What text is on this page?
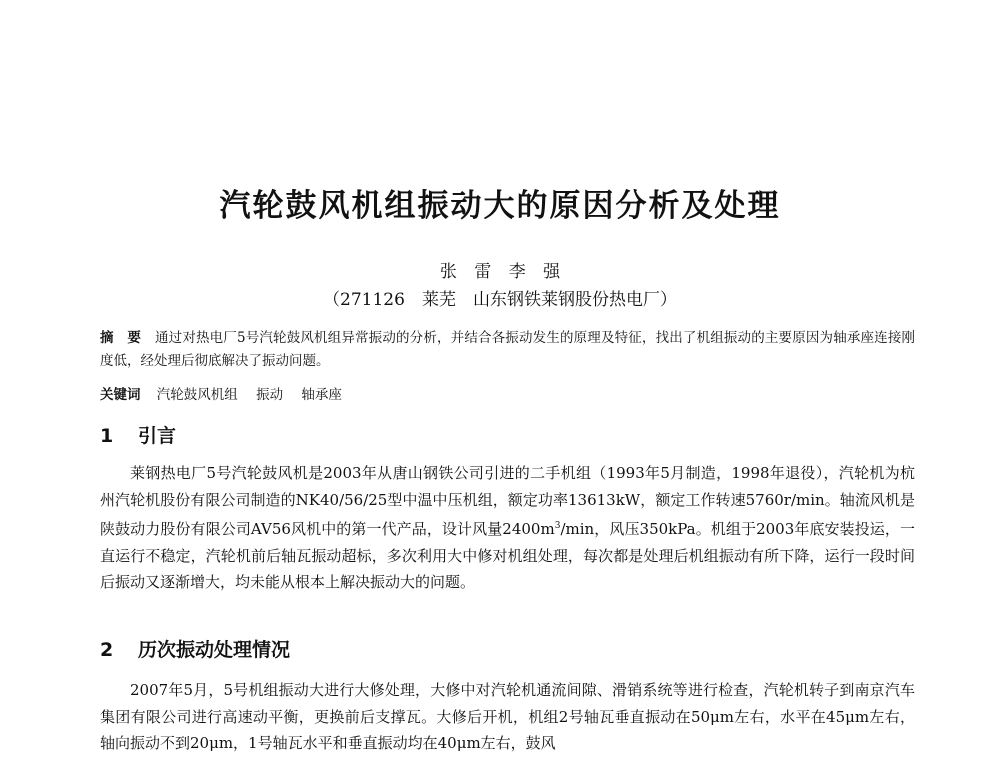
汽轮鼓风机组振动大的原因分析及处理
张 雷 李 强
（271126　莱芜　山东钢铁莱钢股份热电厂）
摘　要 通过对热电厂5号汽轮鼓风机组异常振动的分析，并结合各振动发生的原理及特征，找出了机组振动的主要原因为轴承座连接刚度低，经处理后彻底解决了振动问题。
关键词 汽轮鼓风机组 振动 轴承座
1 引言
莱钢热电厂5号汽轮鼓风机是2003年从唐山钢铁公司引进的二手机组（1993年5月制造，1998年退役），汽轮机为杭州汽轮机股份有限公司制造的NK40/56/25型中温中压机组，额定功率13613kW，额定工作转速5760r/min。轴流风机是陕鼓动力股份有限公司AV56风机中的第一代产品，设计风量$2400m^3/\min$，风压350kPa。机组于2003年底安装投运，一直运行不稳定，汽轮机前后轴瓦振动超标，多次利用大中修对机组处理，每次都是处理后机组振动有所下降，运行一段时间后振动又逐渐增大，均未能从根本上解决振动大的问题。
2 历次振动处理情况
2007年5月，5号机组振动大进行大修处理，大修中对汽轮机通流间隙、滑销系统等进行检查，汽轮机转子到南京汽车集团有限公司进行高速动平衡，更换前后支撑瓦。大修后开机，机组2号轴瓦垂直振动在50μm左右，水平在45μm左右，轴向振动不到20μm，1号轴瓦水平和垂直振动均在40μm左右，鼓风
